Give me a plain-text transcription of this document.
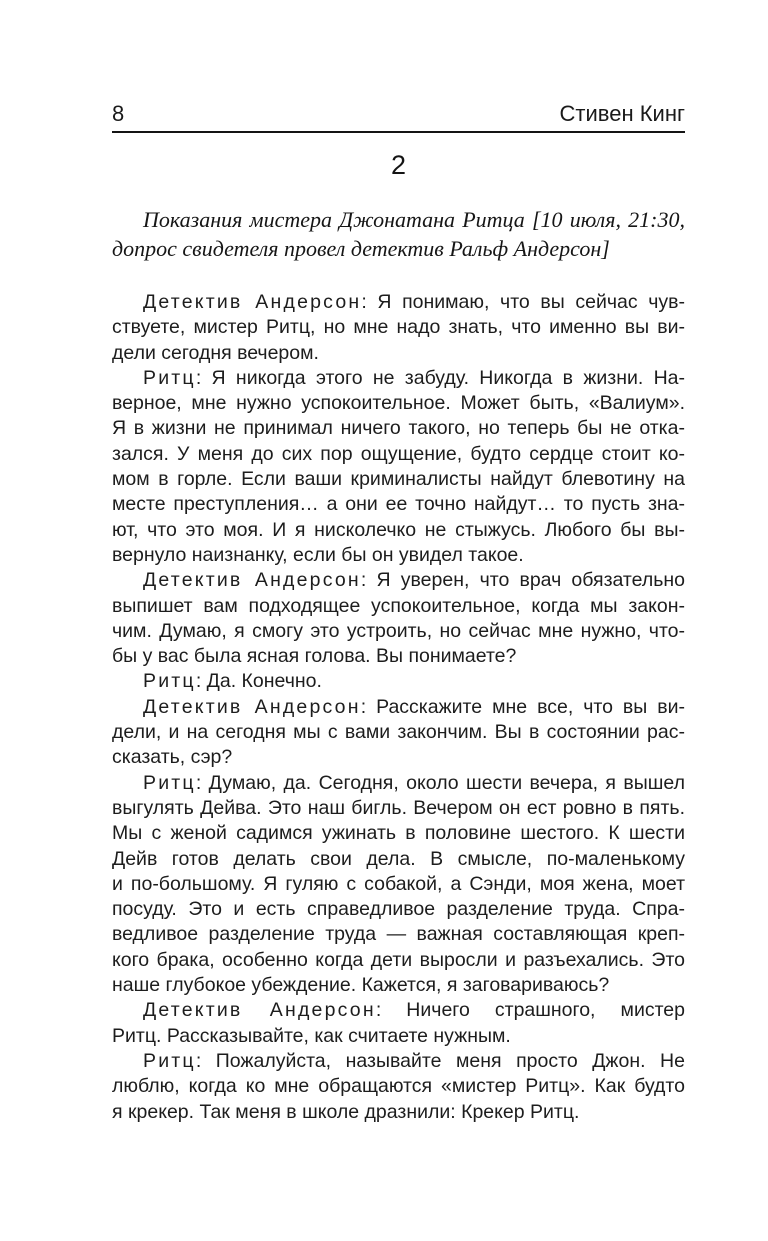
8	Стивен Кинг
2
Показания мистера Джонатана Ритца [10 июля, 21:30,
допрос свидетеля провел детектив Ральф Андерсон]
Детектив Андерсон: Я понимаю, что вы сейчас чув-
ствуете, мистер Ритц, но мне надо знать, что именно вы ви-
дели сегодня вечером.
Ритц: Я никогда этого не забуду. Никогда в жизни. На-
верное, мне нужно успокоительное. Может быть, «Валиум».
Я в жизни не принимал ничего такого, но теперь бы не отка-
зался. У меня до сих пор ощущение, будто сердце стоит ко-
мом в горле. Если ваши криминалисты найдут блевотину на
месте преступления… а они ее точно найдут… то пусть зна-
ют, что это моя. И я нисколечко не стыжусь. Любого бы вы-
вернуло наизнанку, если бы он увидел такое.
Детектив Андерсон: Я уверен, что врач обязательно
выпишет вам подходящее успокоительное, когда мы закон-
чим. Думаю, я смогу это устроить, но сейчас мне нужно, что-
бы у вас была ясная голова. Вы понимаете?
Ритц: Да. Конечно.
Детектив Андерсон: Расскажите мне все, что вы ви-
дели, и на сегодня мы с вами закончим. Вы в состоянии рас-
сказать, сэр?
Ритц: Думаю, да. Сегодня, около шести вечера, я вышел
выгулять Дейва. Это наш бигль. Вечером он ест ровно в пять.
Мы с женой садимся ужинать в половине шестого. К шести
Дейв готов делать свои дела. В смысле, по-маленькому
и по-большому. Я гуляю с собакой, а Сэнди, моя жена, моет
посуду. Это и есть справедливое разделение труда. Спра-
ведливое разделение труда — важная составляющая креп-
кого брака, особенно когда дети выросли и разъехались. Это
наше глубокое убеждение. Кажется, я заговариваюсь?
Детектив Андерсон: Ничего страшного, мистер
Ритц. Рассказывайте, как считаете нужным.
Ритц: Пожалуйста, называйте меня просто Джон. Не
люблю, когда ко мне обращаются «мистер Ритц». Как будто
я крекер. Так меня в школе дразнили: Крекер Ритц.
